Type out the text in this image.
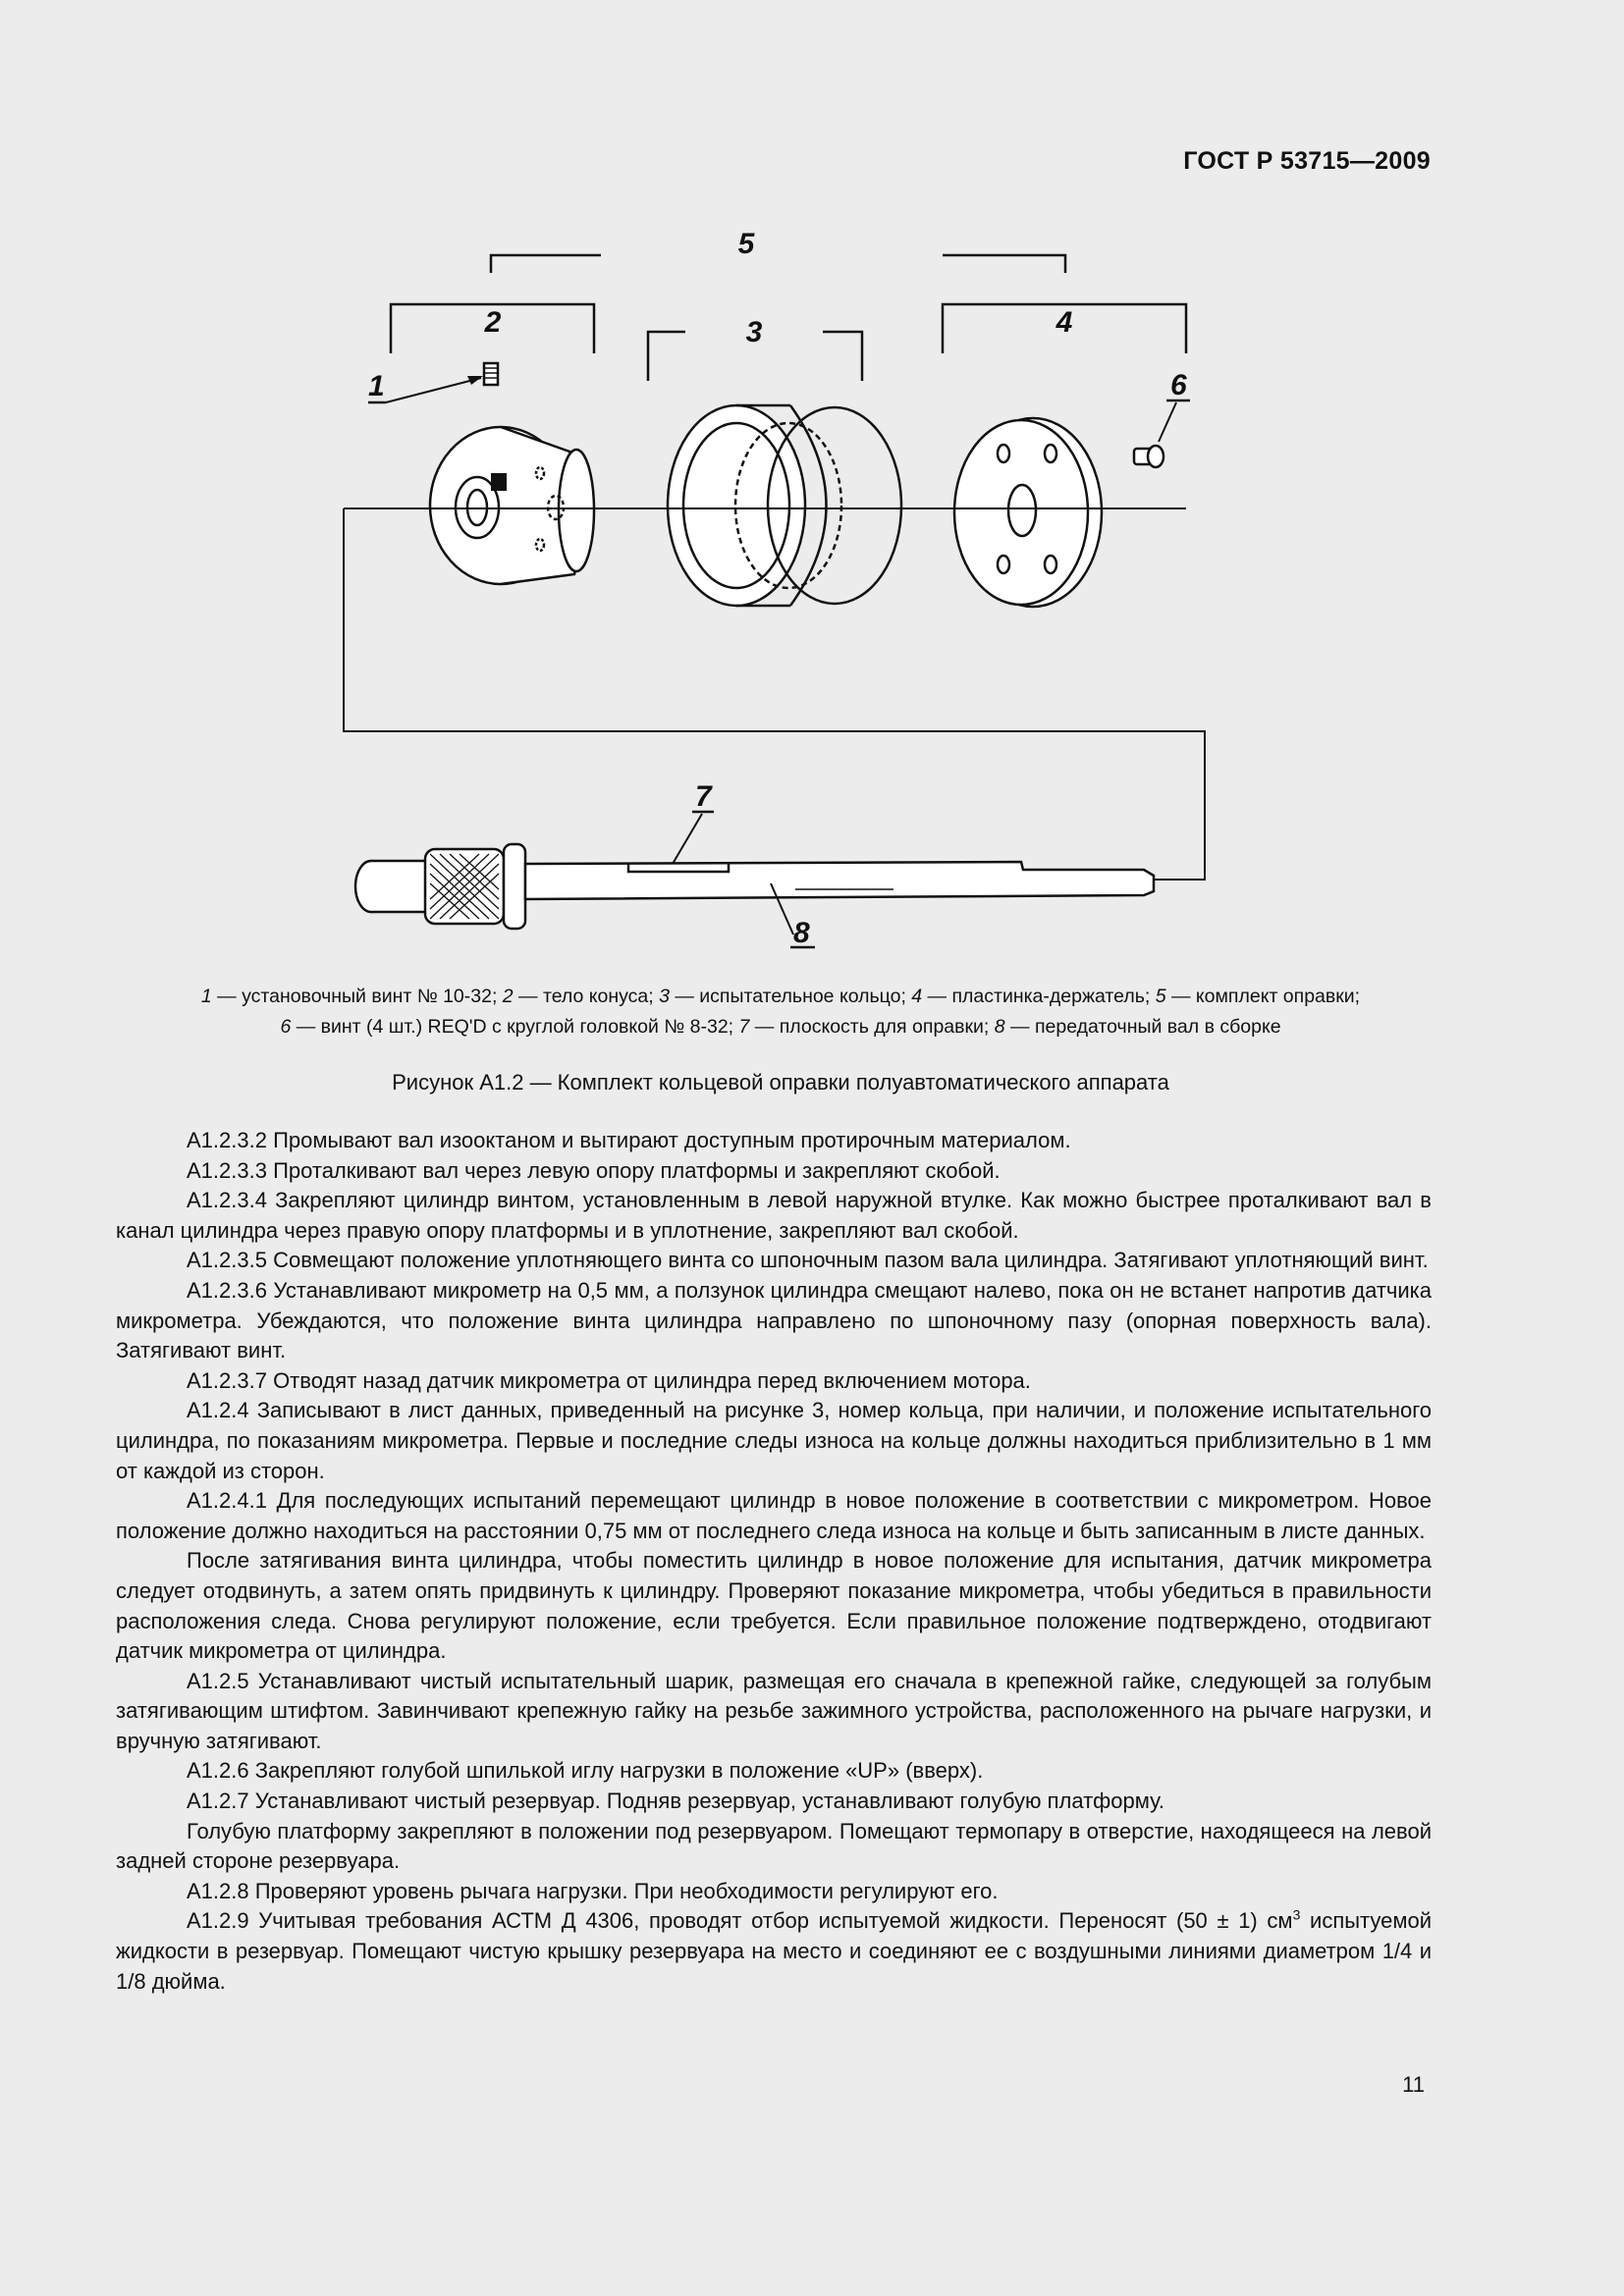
ГОСТ Р 53715—2009
5
2	3	4
1	6
7
8
1 — установочный винт № 10-32; 2 — тело конуса; 3 — испытательное кольцо; 4 — пластинка-держатель; 5 — комплект оправки;
6 — винт (4 шт.) REQ'D с круглой головкой № 8-32; 7 — плоскость для оправки; 8 — передаточный вал в сборке
Рисунок А1.2 — Комплект кольцевой оправки полуавтоматического аппарата

А1.2.3.2 Промывают вал изооктаном и вытирают доступным протирочным материалом.

А1.2.3.3 Проталкивают вал через левую опору платформы и закрепляют скобой.

А1.2.3.4 Закрепляют цилиндр винтом, установленным в левой наружной втулке. Как можно быстрее проталкивают вал в канал цилиндра через правую опору платформы и в уплотнение, закрепляют вал скобой.

А1.2.3.5 Совмещают положение уплотняющего винта со шпоночным пазом вала цилиндра. Затягивают уплотняющий винт.

А1.2.3.6 Устанавливают микрометр на 0,5 мм, а ползунок цилиндра смещают налево, пока он не встанет напротив датчика микрометра. Убеждаются, что положение винта цилиндра направлено по шпоночному пазу (опорная поверхность вала). Затягивают винт.

А1.2.3.7 Отводят назад датчик микрометра от цилиндра перед включением мотора.

А1.2.4 Записывают в лист данных, приведенный на рисунке 3, номер кольца, при наличии, и положение испытательного цилиндра, по показаниям микрометра. Первые и последние следы износа на кольце должны находиться приблизительно в 1 мм от каждой из сторон.

А1.2.4.1 Для последующих испытаний перемещают цилиндр в новое положение в соответствии с микрометром. Новое положение должно находиться на расстоянии 0,75 мм от последнего следа износа на кольце и быть записанным в листе данных.

После затягивания винта цилиндра, чтобы поместить цилиндр в новое положение для испытания, датчик микрометра следует отодвинуть, а затем опять придвинуть к цилиндру. Проверяют показание микрометра, чтобы убедиться в правильности расположения следа. Снова регулируют положение, если требуется. Если правильное положение подтверждено, отодвигают датчик микрометра от цилиндра.

А1.2.5 Устанавливают чистый испытательный шарик, размещая его сначала в крепежной гайке, следующей за голубым затягивающим штифтом. Завинчивают крепежную гайку на резьбе зажимного устройства, расположенного на рычаге нагрузки, и вручную затягивают.

А1.2.6 Закрепляют голубой шпилькой иглу нагрузки в положение «UP» (вверх).

А1.2.7 Устанавливают чистый резервуар. Подняв резервуар, устанавливают голубую платформу.

Голубую платформу закрепляют в положении под резервуаром. Помещают термопару в отверстие, находящееся на левой задней стороне резервуара.

А1.2.8 Проверяют уровень рычага нагрузки. При необходимости регулируют его.

А1.2.9 Учитывая требования АСТМ Д 4306, проводят отбор испытуемой жидкости. Переносят (50 ± 1) $см^3$ испытуемой жидкости в резервуар. Помещают чистую крышку резервуара на место и соединяют ее с воздушными линиями диаметром 1/4 и 1/8 дюйма.

11
